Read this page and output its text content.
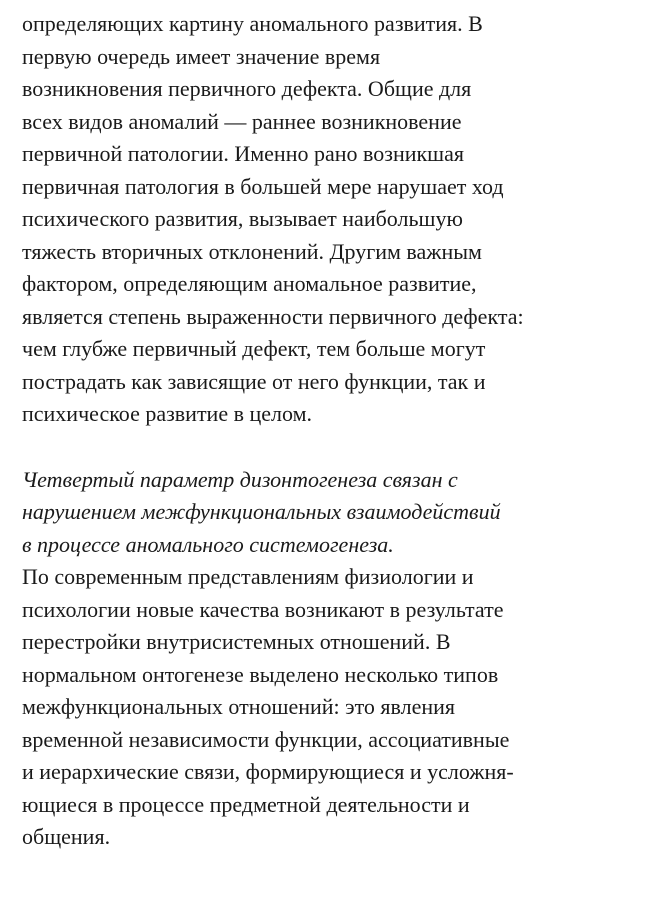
определяющих картину аномального развития. В
первую очередь имеет значение время
возникновения первичного дефекта. Общие для
всех видов аномалий — раннее возникновение
первичной патологии. Именно рано возникшая
первичная патология в большей мере нарушает ход
психического развития, вызывает наибольшую
тяжесть вторичных отклонений. Другим важным
фактором, определяющим аномальное развитие,
является степень выраженности первичного дефекта:
чем глубже первичный дефект, тем больше могут
пострадать как зависящие от него функции, так и
психическое развитие в целом.
Четвертый параметр дизонтогенеза связан с
нарушением межфункциональных взаимодействий
в процессе аномального системогенеза.
По современным представлениям физиологии и
психологии новые качества возникают в результате
перестройки внутрисистемных отношений. В
нормальном онтогенезе выделено несколько типов
межфункциональных отношений: это явления
временной независимости функции, ассоциативные
и иерархические связи, формирующиеся и усложня-
ющиеся в процессе предметной деятельности и
общения.
